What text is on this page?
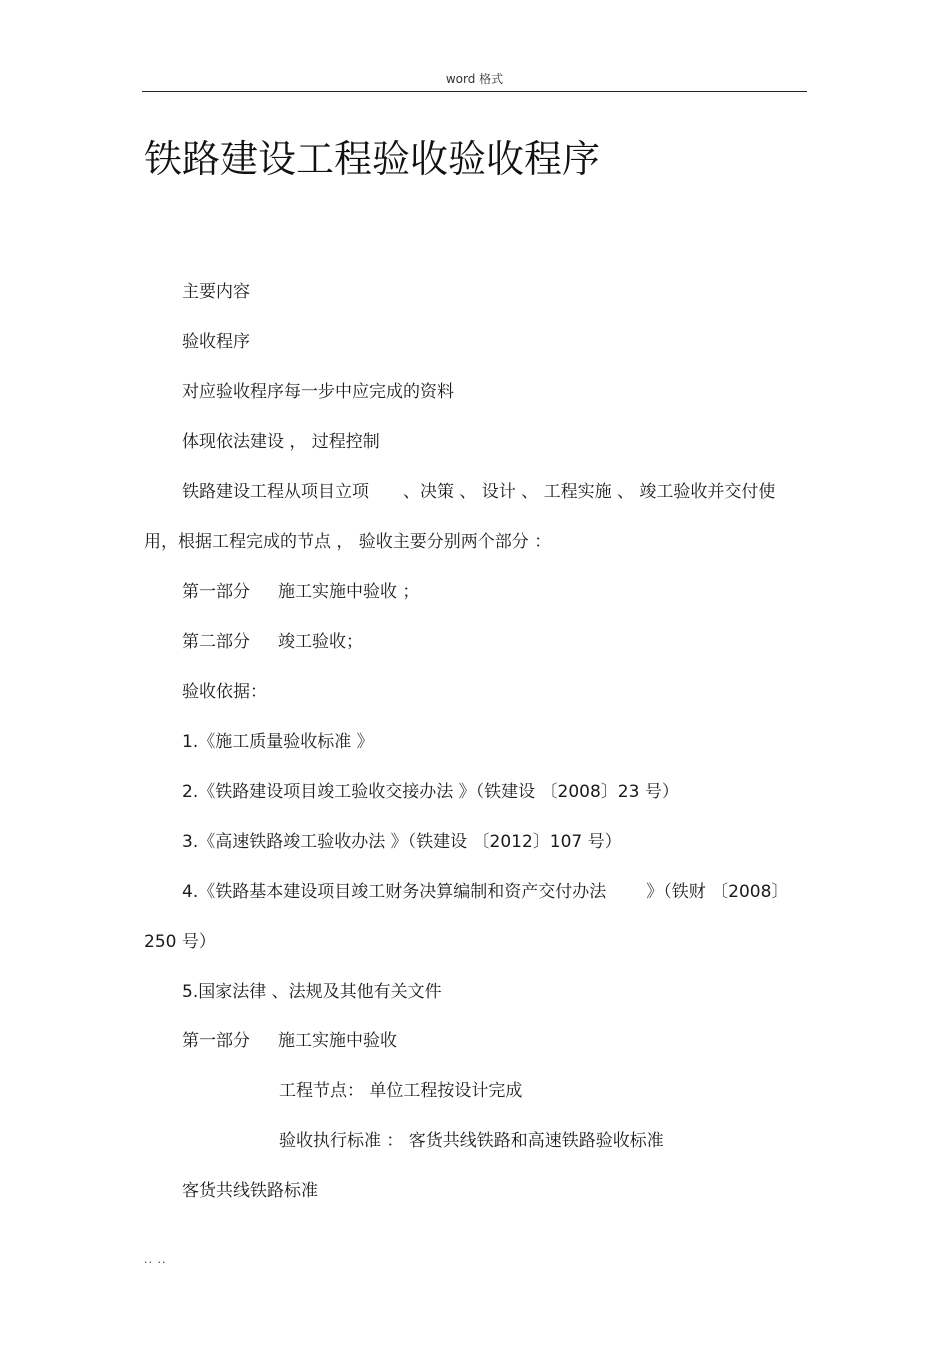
word 格式
铁路建设工程验收验收程序
主要内容
验收程序
对应验收程序每一步中应完成的资料
体现依法建设 ， 过程控制
铁路建设工程从项目立项 、决策 、 设计 、 工程实施 、 竣工验收并交付使
用，根据工程完成的节点 ， 验收主要分别两个部分 ：
第一部分 施工实施中验收 ；
第二部分 竣工验收；
验收依据：
1.《施工质量验收标准 》
2.《铁路建设项目竣工验收交接办法 》（铁建设 〔2008〕23 号）
3.《高速铁路竣工验收办法 》（铁建设 〔2012〕107 号）
4.《铁路基本建设项目竣工财务决算编制和资产交付办法 》（铁财 〔2008〕
250 号）
5.国家法律 、法规及其他有关文件
第一部分 施工实施中验收
工程节点： 单位工程按设计完成
验收执行标准 ： 客货共线铁路和高速铁路验收标准
客货共线铁路标准
.. ..
